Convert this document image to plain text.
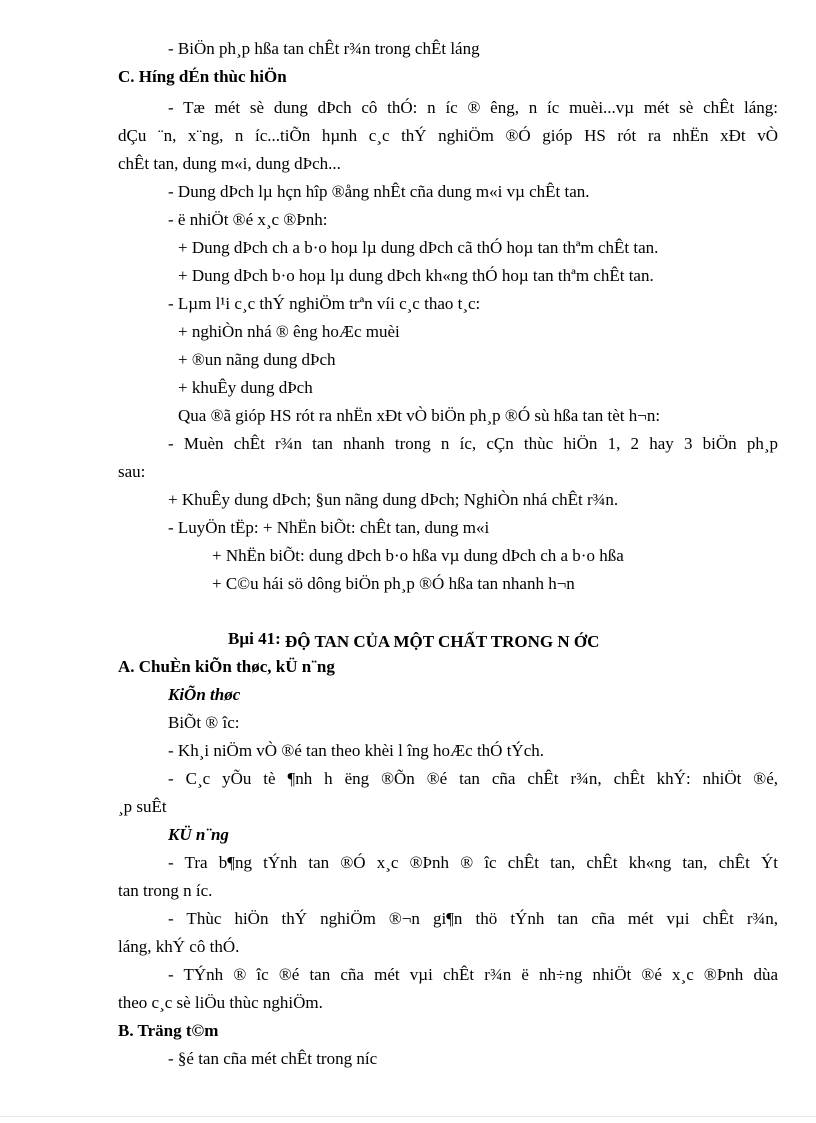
- BiÖn ph¸p hßa tan chÊt r¾n trong chÊt láng
C. Híng dÉn thùc hiÖn
- Tæ mét sè dung dÞch cô thÓ: n íc ® êng, n íc muèi...vµ mét sè chÊt láng:
dÇu ¨n, x¨ng, n íc...tiÕn hµnh c¸c thÝ nghiÖm ®Ó gióp HS rót ra nhËn xÐt vÒ
chÊt tan, dung m«i, dung dÞch...
- Dung dÞch lµ hçn hîp ®ång nhÊt cña dung m«i vµ chÊt tan.
- ë nhiÖt ®é x¸c ®Þnh:
+ Dung dÞch ch a b·o hoµ lµ dung dÞch cã thÓ hoµ tan thªm chÊt tan.
+ Dung dÞch b·o hoµ lµ dung dÞch kh«ng thÓ hoµ tan thªm chÊt tan.
- Lµm l¹i c¸c thÝ nghiÖm trªn víi c¸c thao t¸c:
+ nghiÒn nhá ® êng hoÆc muèi
+ ®un nãng dung dÞch
+ khuÊy dung dÞch
Qua ®ã gióp HS rót ra nhËn xÐt vÒ biÖn ph¸p ®Ó sù hßa tan tèt h¬n:
- Muèn chÊt r¾n tan nhanh trong n íc, cÇn thùc hiÖn 1, 2 hay 3 biÖn ph¸p
sau:
+ KhuÊy dung dÞch; §un nãng dung dÞch; NghiÒn nhá chÊt r¾n.
- LuyÖn tËp: + NhËn biÕt: chÊt tan, dung m«i
+ NhËn biÕt: dung dÞch b·o hßa vµ dung dÞch ch a b·o hßa
+ C©u hái sö dông biÖn ph¸p ®Ó hßa tan nhanh h¬n
Bµi 41: ĐỘ TAN CỦA MỘT CHẤT TRONG N ỚC
A. ChuÈn kiÕn thøc, kÜ n¨ng
KiÕn thøc
BiÕt ® îc:
- Kh¸i niÖm vÒ ®é tan theo khèi l îng hoÆc thÓ tÝch.
- C¸c yÕu tè ¶nh h ëng ®Õn ®é tan cña chÊt r¾n, chÊt khÝ: nhiÖt ®é,
¸p suÊt
KÜ n¨ng
- Tra b¶ng tÝnh tan ®Ó x¸c ®Þnh ® îc chÊt tan, chÊt kh«ng tan, chÊt Ýt
tan trong n íc.
- Thùc hiÖn thÝ nghiÖm ®¬n gi¶n thö tÝnh tan cña mét vµi chÊt r¾n,
láng, khÝ cô thÓ.
- TÝnh ® îc ®é tan cña mét vµi chÊt r¾n ë nh÷ng nhiÖt ®é x¸c ®Þnh dùa
theo c¸c sè liÖu thùc nghiÖm.
B. Träng t©m
- §é tan cña mét chÊt trong níc
